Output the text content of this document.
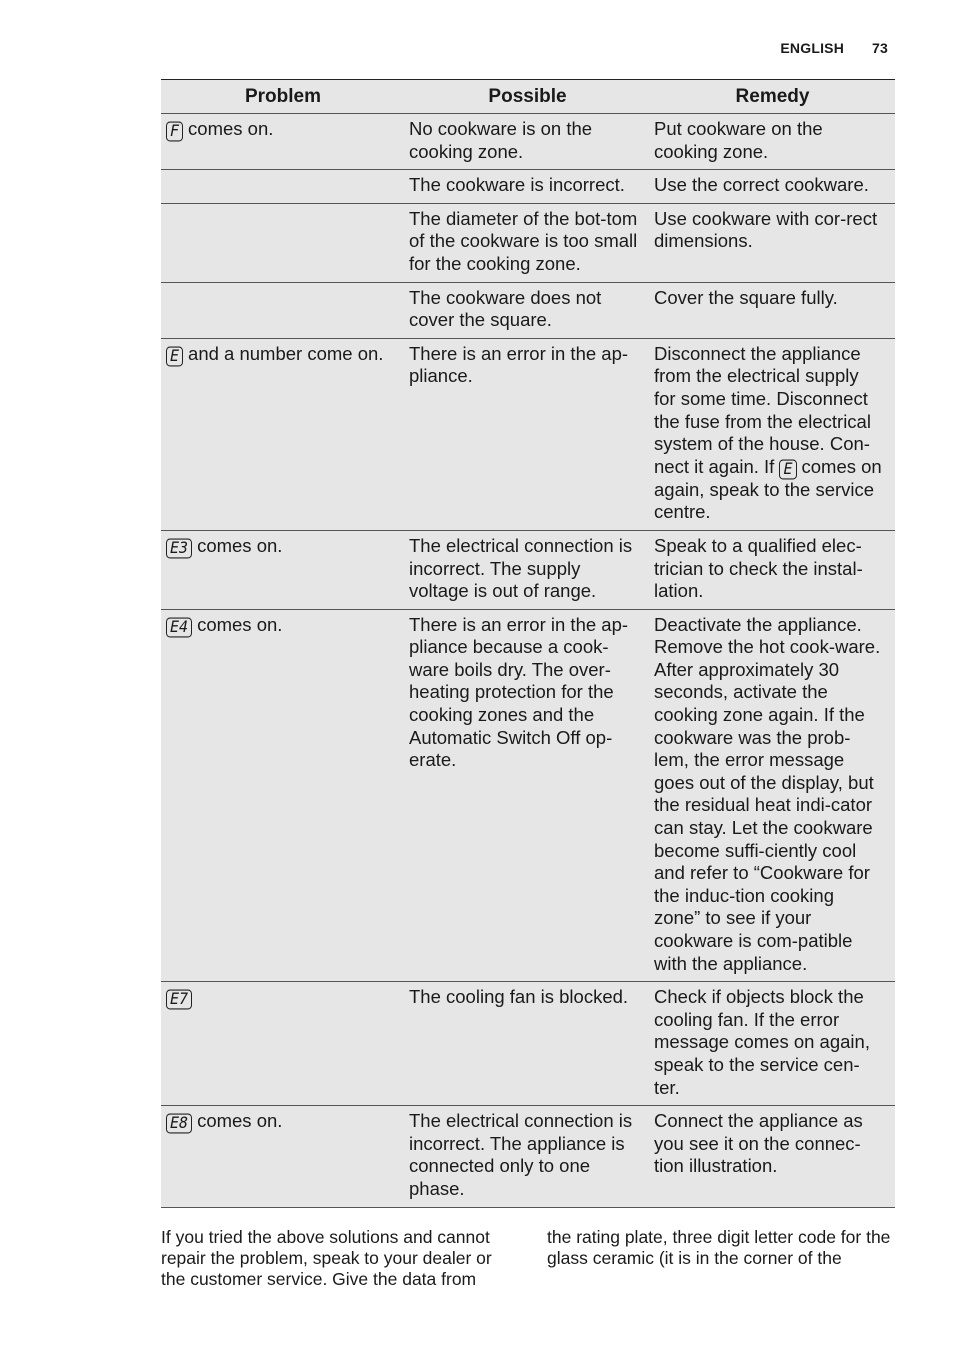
ENGLISH 73
Problem	Possible	Remedy
F comes on.	No cookware is on the cooking zone.	Put cookware on the cooking zone.
	The cookware is incorrect.	Use the correct cookware.
	The diameter of the bot-tom of the cookware is too small for the cooking zone.	Use cookware with cor-rect dimensions.
	The cookware does not cover the square.	Cover the square fully.
E and a number come on.	There is an error in the ap-pliance.	Disconnect the appliance from the electrical supply for some time. Disconnect the fuse from the electrical system of the house. Con-nect it again. If E comes on again, speak to the service centre.
E3 comes on.	The electrical connection is incorrect. The supply voltage is out of range.	Speak to a qualified elec-trician to check the instal-lation.
E4 comes on.	There is an error in the ap-pliance because a cook-ware boils dry. The over-heating protection for the cooking zones and the Automatic Switch Off op-erate.	Deactivate the appliance. Remove the hot cook-ware. After approximately 30 seconds, activate the cooking zone again. If the cookware was the prob-lem, the error message goes out of the display, but the residual heat indi-cator can stay. Let the cookware become suffi-ciently cool and refer to “Cookware for the induc-tion cooking zone” to see if your cookware is com-patible with the appliance.
E7	The cooling fan is blocked.	Check if objects block the cooling fan. If the error message comes on again, speak to the service cen-ter.
E8 comes on.	The electrical connection is incorrect. The appliance is connected only to one phase.	Connect the appliance as you see it on the connec-tion illustration.

If you tried the above solutions and cannot repair the problem, speak to your dealer or the customer service. Give the data from

the rating plate, three digit letter code for the glass ceramic (it is in the corner of the
